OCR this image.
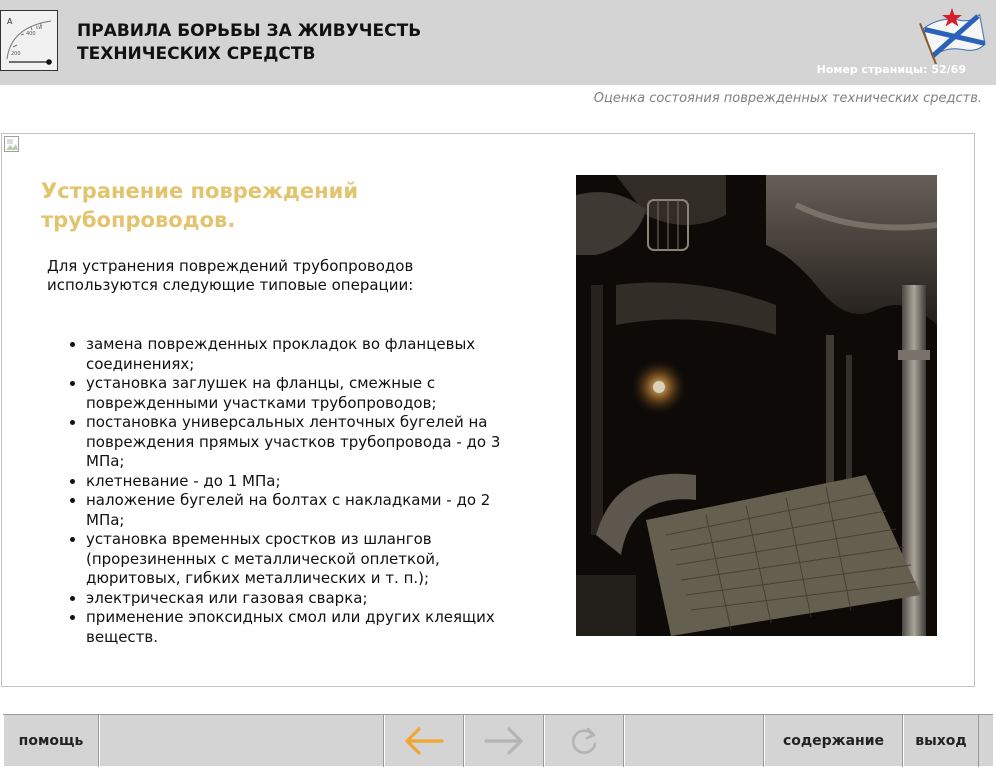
A
400
200
kW ПРАВИЛА БОРЬБЫ ЗА ЖИВУЧЕСТЬ
ТЕХНИЧЕСКИХ СРЕДСТВ
Номер страницы: 52/69
Оценка состояния поврежденных технических средств.
Устранение повреждений трубопроводов.

Для устранения повреждений трубопроводов используются следующие типовые операции:

• замена поврежденных прокладок во фланцевых соединениях;
• установка заглушек на фланцы, смежные с поврежденными участками трубопроводов;
• постановка универсальных ленточных бугелей на повреждения прямых участков трубопровода - до 3 МПа;
• клетневание - до 1 МПа;
• наложение бугелей на болтах с накладками - до 2 МПа;
• установка временных сростков из шлангов (прорезиненных с металлической оплеткой, дюритовых, гибких металлических и т. п.);
• электрическая или газовая сварка;
• применение эпоксидных смол или других клеящих веществ.
помощь	содержание выход
